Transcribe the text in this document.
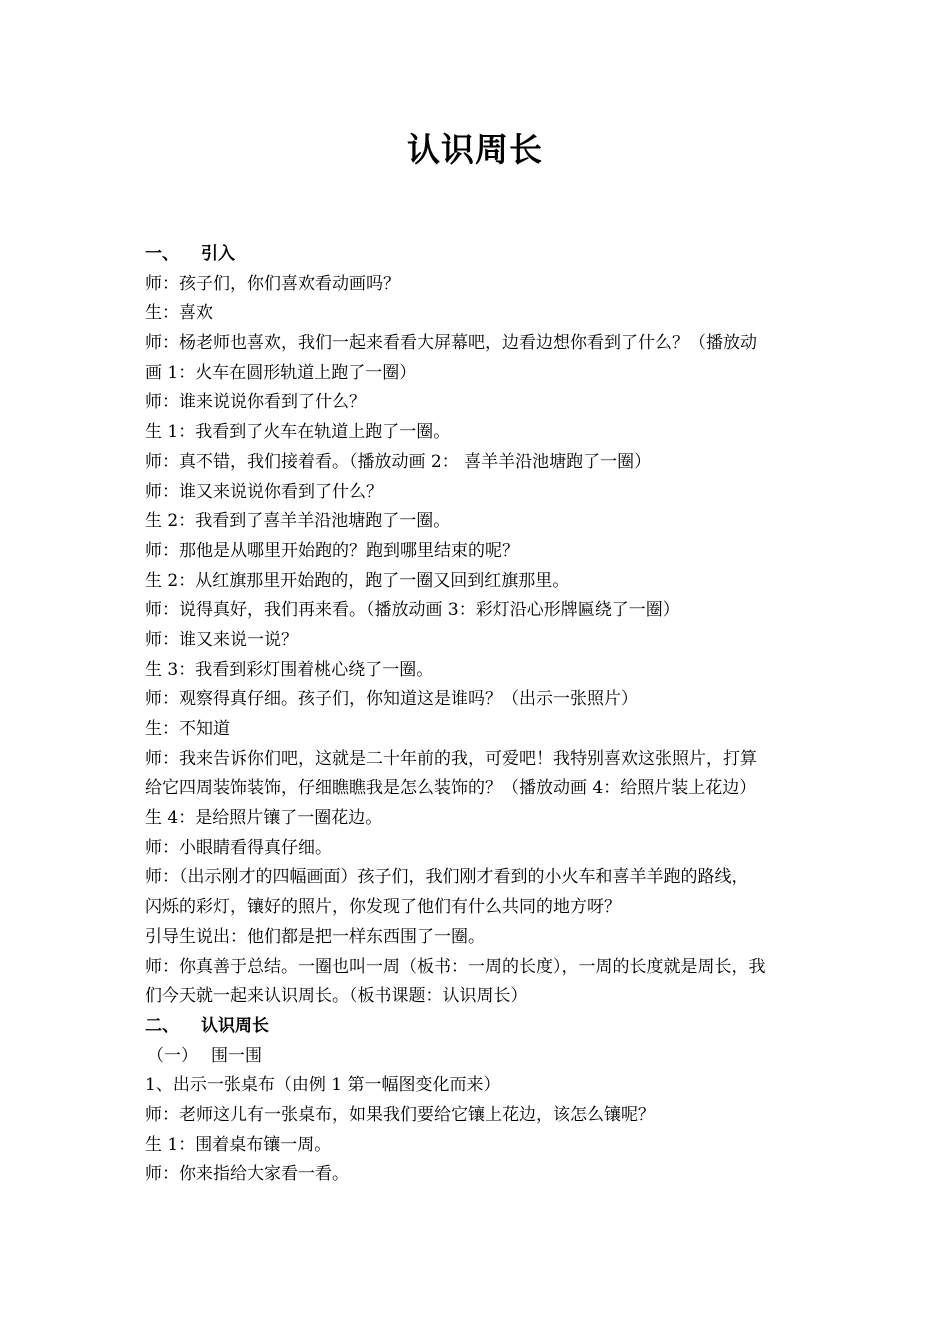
认识周长
一、 引入
师：孩子们，你们喜欢看动画吗？
生：喜欢
师：杨老师也喜欢，我们一起来看看大屏幕吧，边看边想你看到了什么？（播放动
画 1：火车在圆形轨道上跑了一圈）
师：谁来说说你看到了什么？
生 1：我看到了火车在轨道上跑了一圈。
师：真不错，我们接着看。（播放动画 2： 喜羊羊沿池塘跑了一圈）
师：谁又来说说你看到了什么？
生 2：我看到了喜羊羊沿池塘跑了一圈。
师：那他是从哪里开始跑的？跑到哪里结束的呢？
生 2：从红旗那里开始跑的，跑了一圈又回到红旗那里。
师：说得真好，我们再来看。（播放动画 3：彩灯沿心形牌匾绕了一圈）
师：谁又来说一说？
生 3：我看到彩灯围着桃心绕了一圈。
师：观察得真仔细。孩子们，你知道这是谁吗？（出示一张照片）
生：不知道
师：我来告诉你们吧，这就是二十年前的我，可爱吧！我特别喜欢这张照片，打算
给它四周装饰装饰，仔细瞧瞧我是怎么装饰的？（播放动画 4：给照片装上花边）
生 4：是给照片镶了一圈花边。
师：小眼睛看得真仔细。
师：（出示刚才的四幅画面）孩子们，我们刚才看到的小火车和喜羊羊跑的路线，
闪烁的彩灯，镶好的照片，你发现了他们有什么共同的地方呀？
引导生说出：他们都是把一样东西围了一圈。
师：你真善于总结。一圈也叫一周（板书：一周的长度），一周的长度就是周长，我
们今天就一起来认识周长。（板书课题：认识周长）
二、 认识周长
（一） 围一围
1、出示一张桌布（由例 1 第一幅图变化而来）
师：老师这儿有一张桌布，如果我们要给它镶上花边，该怎么镶呢？
生 1：围着桌布镶一周。
师：你来指给大家看一看。
